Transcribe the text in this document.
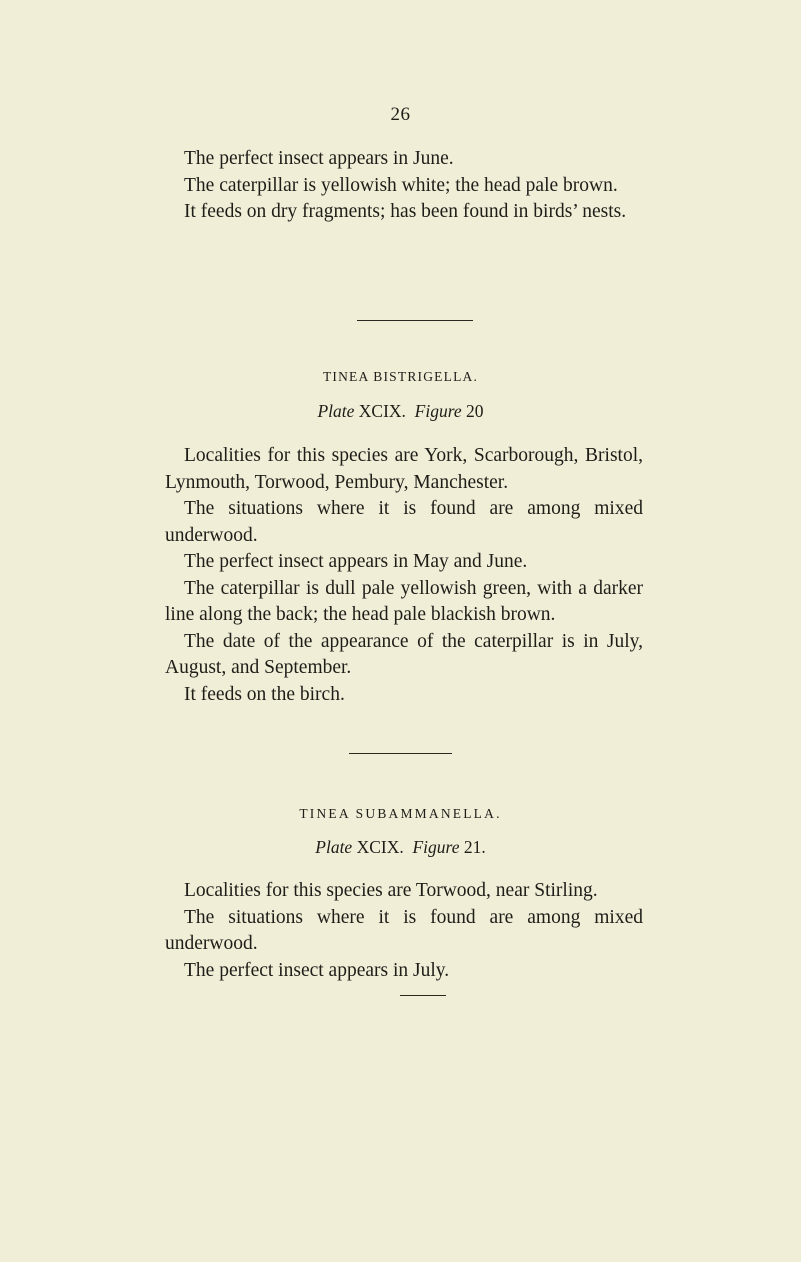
26

The perfect insect appears in June.

The caterpillar is yellowish white; the head pale brown.

It feeds on dry fragments; has been found in birds’ nests.

TINEA BISTRIGELLA.
Plate XCIX. Figure 20

Localities for this species are York, Scarborough, Bristol, Lynmouth, Torwood, Pembury, Manchester.

The situations where it is found are among mixed underwood.

The perfect insect appears in May and June.

The caterpillar is dull pale yellowish green, with a darker line along the back; the head pale blackish brown.

The date of the appearance of the caterpillar is in July, August, and September.

It feeds on the birch.

TINEA SUBAMMANELLA.
Plate XCIX. Figure 21.

Localities for this species are Torwood, near Stirling.

The situations where it is found are among mixed underwood.

The perfect insect appears in July.
